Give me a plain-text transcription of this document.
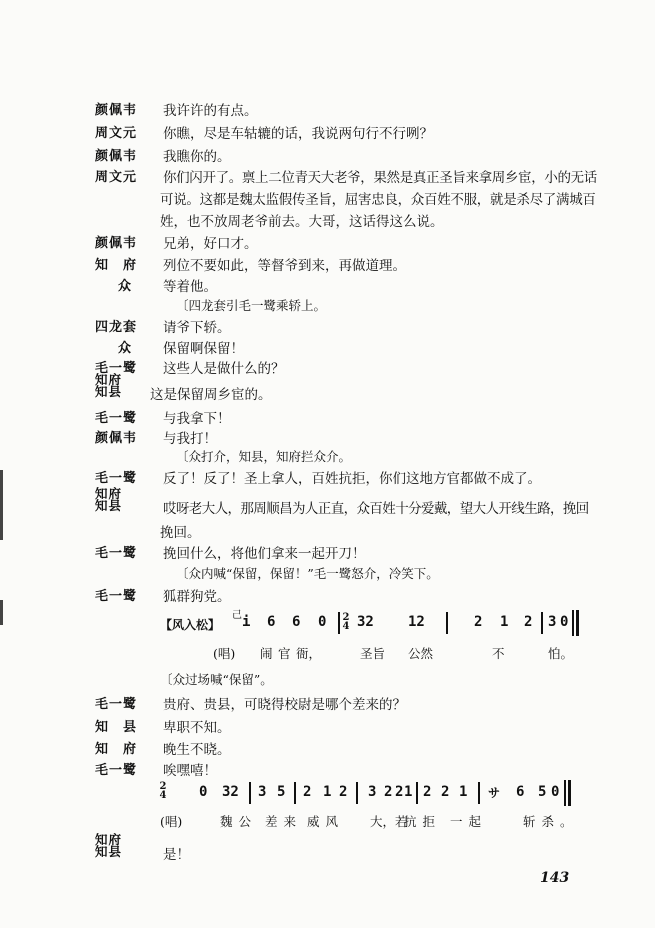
颜佩韦	我许许的有点。
周文元	你瞧，尽是车轱辘的话，我说两句行不行咧？
颜佩韦	我瞧你的。
周文元	你们闪开了。禀上二位青天大老爷，果然是真正圣旨来拿周乡宦，小的无话
可说。这都是魏太监假传圣旨，屈害忠良，众百姓不服，就是杀尽了满城百
姓，也不放周老爷前去。大哥，这话得这么说。
颜佩韦	兄弟，好口才。
知　府	列位不要如此，等督爷到来，再做道理。
众	等着他。
〔四龙套引毛一鹭乘轿上。
四龙套	请爷下轿。
众	保留啊保留！
毛一鹭	这些人是做什么的？
知府
知县	这是保留周乡宦的。
毛一鹭	与我拿下！
颜佩韦	与我打！
〔众打介，知县，知府拦众介。
毛一鹭	反了！反了！圣上拿人，百姓抗拒，你们这地方官都做不成了。
知府
知县	哎呀老大人，那周顺昌为人正直，众百姓十分爱戴，望大人开线生路，挽回
挽回。
毛一鹭	挽回什么，将他们拿来一起开刀！
〔众内喊“保留，保留！”毛一鹭怒介，冷笑下。
毛一鹭	狐群狗党。
【风入松】
己 i 6 6 0 2
4 32 12	2 1 2 3 0
(唱) 闹 官 衙，	圣旨 公然	不	怕。
〔众过场喊“保留”。
毛一鹭	贵府、贵县，可晓得校尉是哪个差来的？
知　县	卑职不知。
知　府	晚生不晓。
毛一鹭	唉嘿嘻！
2
4 0 32 3 5 2 1 2 3 2 2 1 2 2 1 サ 6 5 0
(唱)	魏公 差来 威风 大，若
抗拒 一起	斩杀。
知府
知县	是！
143
